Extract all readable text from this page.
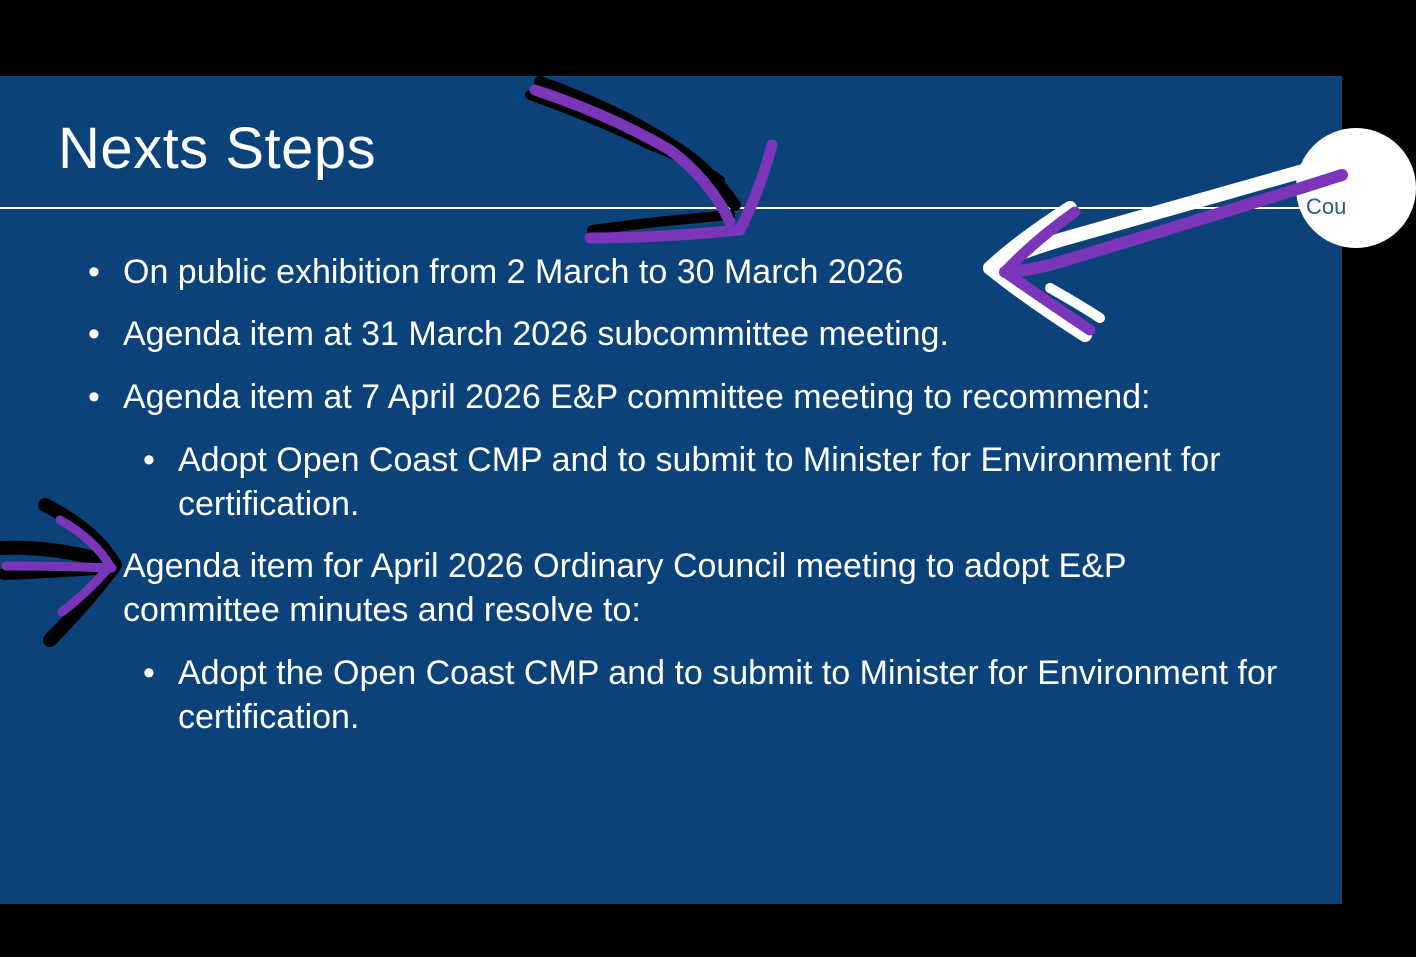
Nexts Steps
Cou
• On public exhibition from 2 March to 30 March 2026
• Agenda item at 31 March 2026 subcommittee meeting.
• Agenda item at 7 April 2026 E&P committee meeting to recommend:
• Adopt Open Coast CMP and to submit to Minister for Environment for certification.
Agenda item for April 2026 Ordinary Council meeting to adopt E&P committee minutes and resolve to:
• Adopt the Open Coast CMP and to submit to Minister for Environment for certification.
